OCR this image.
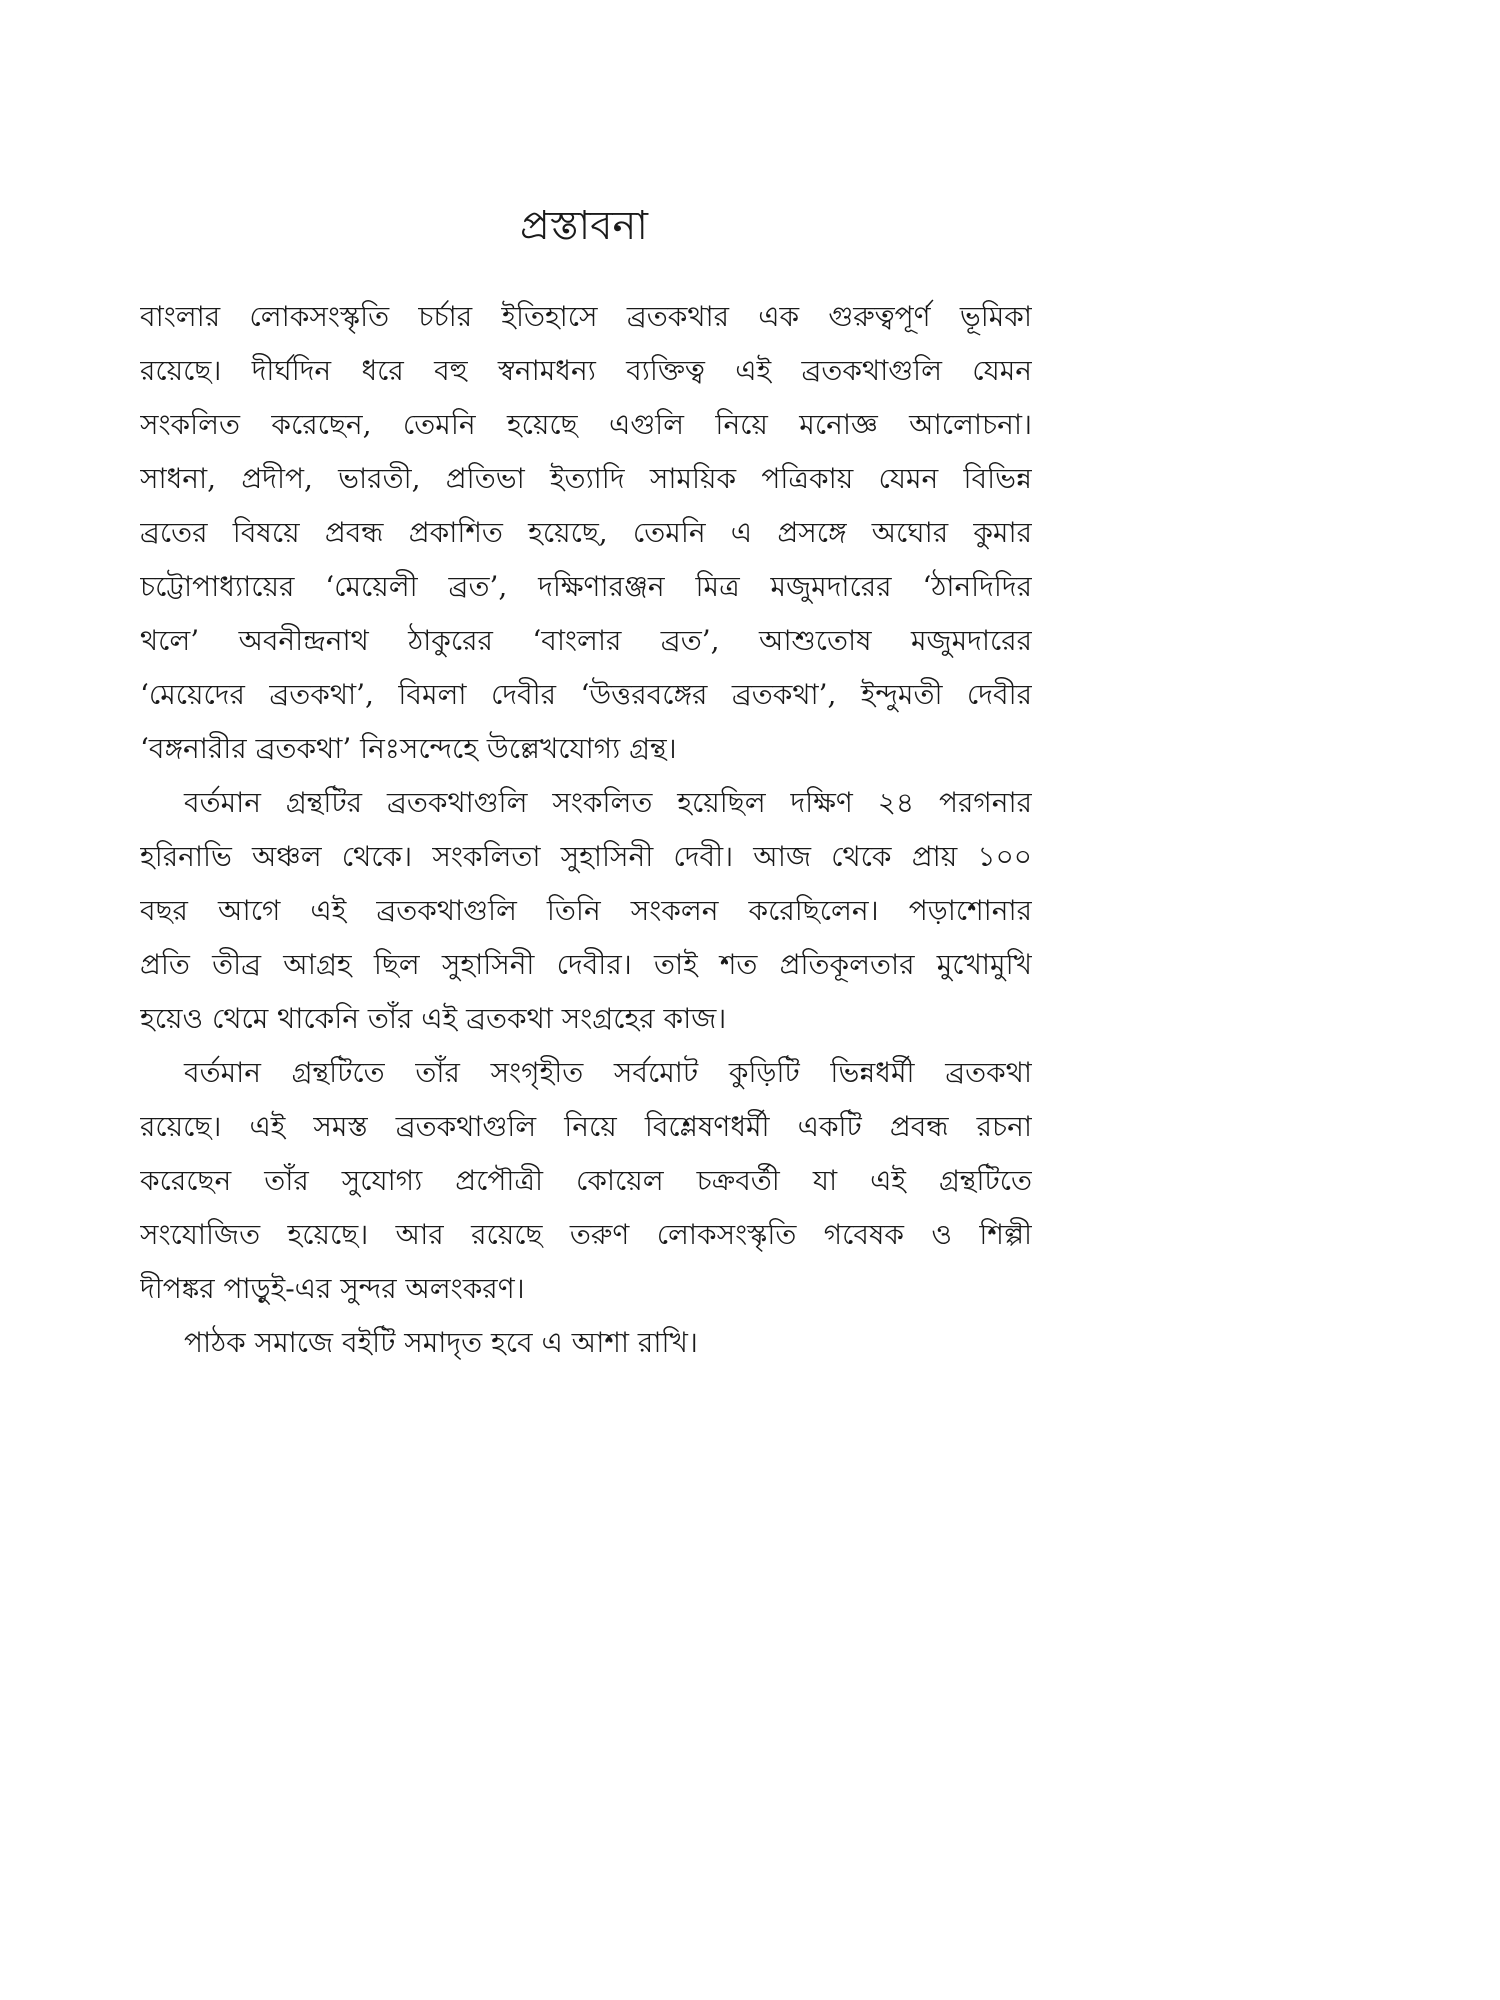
প্রস্তাবনা
বাংলার লোকসংস্কৃতি চর্চার ইতিহাসে ব্রতকথার এক গুরুত্বপূর্ণ ভূমিকা
রয়েছে। দীর্ঘদিন ধরে বহু স্বনামধন্য ব্যক্তিত্ব এই ব্রতকথাগুলি যেমন
সংকলিত করেছেন, তেমনি হয়েছে এগুলি নিয়ে মনোজ্ঞ আলোচনা।
সাধনা, প্রদীপ, ভারতী, প্রতিভা ইত্যাদি সাময়িক পত্রিকায় যেমন বিভিন্ন
ব্রতের বিষয়ে প্রবন্ধ প্রকাশিত হয়েছে, তেমনি এ প্রসঙ্গে অঘোর কুমার
চট্টোপাধ্যায়ের ‘মেয়েলী ব্রত’, দক্ষিণারঞ্জন মিত্র মজুমদারের ‘ঠানদিদির
থলে’ অবনীন্দ্রনাথ ঠাকুরের ‘বাংলার ব্রত’, আশুতোষ মজুমদারের
‘মেয়েদের ব্রতকথা’, বিমলা দেবীর ‘উত্তরবঙ্গের ব্রতকথা’, ইন্দুমতী দেবীর
‘বঙ্গনারীর ব্রতকথা’ নিঃসন্দেহে উল্লেখযোগ্য গ্রন্থ।
বর্তমান গ্রন্থটির ব্রতকথাগুলি সংকলিত হয়েছিল দক্ষিণ ২৪ পরগনার
হরিনাভি অঞ্চল থেকে। সংকলিতা সুহাসিনী দেবী। আজ থেকে প্রায় ১০০
বছর আগে এই ব্রতকথাগুলি তিনি সংকলন করেছিলেন। পড়াশোনার
প্রতি তীব্র আগ্রহ ছিল সুহাসিনী দেবীর। তাই শত প্রতিকূলতার মুখোমুখি
হয়েও থেমে থাকেনি তাঁর এই ব্রতকথা সংগ্রহের কাজ।
বর্তমান গ্রন্থটিতে তাঁর সংগৃহীত সর্বমোট কুড়িটি ভিন্নধর্মী ব্রতকথা
রয়েছে। এই সমস্ত ব্রতকথাগুলি নিয়ে বিশ্লেষণধর্মী একটি প্রবন্ধ রচনা
করেছেন তাঁর সুযোগ্য প্রপৌত্রী কোয়েল চক্রবর্তী যা এই গ্রন্থটিতে
সংযোজিত হয়েছে। আর রয়েছে তরুণ লোকসংস্কৃতি গবেষক ও শিল্পী
দীপঙ্কর পাড়ুই-এর সুন্দর অলংকরণ।
পাঠক সমাজে বইটি সমাদৃত হবে এ আশা রাখি।
